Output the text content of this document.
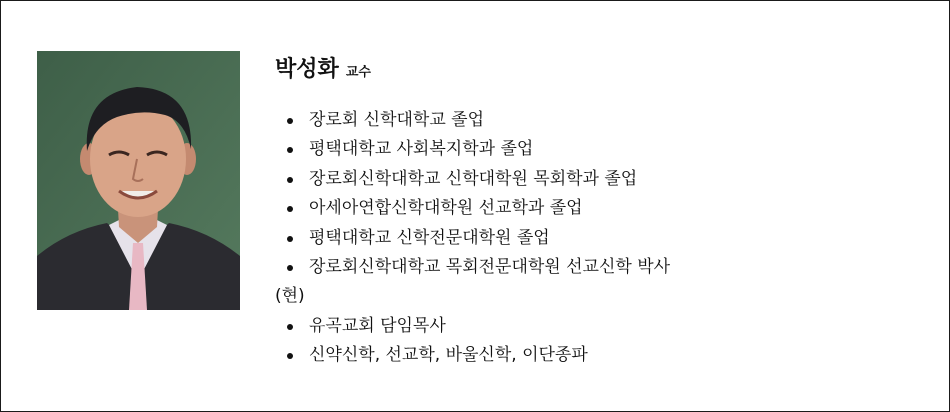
박성화 교수
장로회 신학대학교 졸업
평택대학교 사회복지학과 졸업
장로회신학대학교 신학대학원 목회학과 졸업
아세아연합신학대학원 선교학과 졸업
평택대학교 신학전문대학원 졸업
장로회신학대학교 목회전문대학원 선교신학 박사
(현)
유곡교회 담임목사
신약신학, 선교학, 바울신학, 이단종파
